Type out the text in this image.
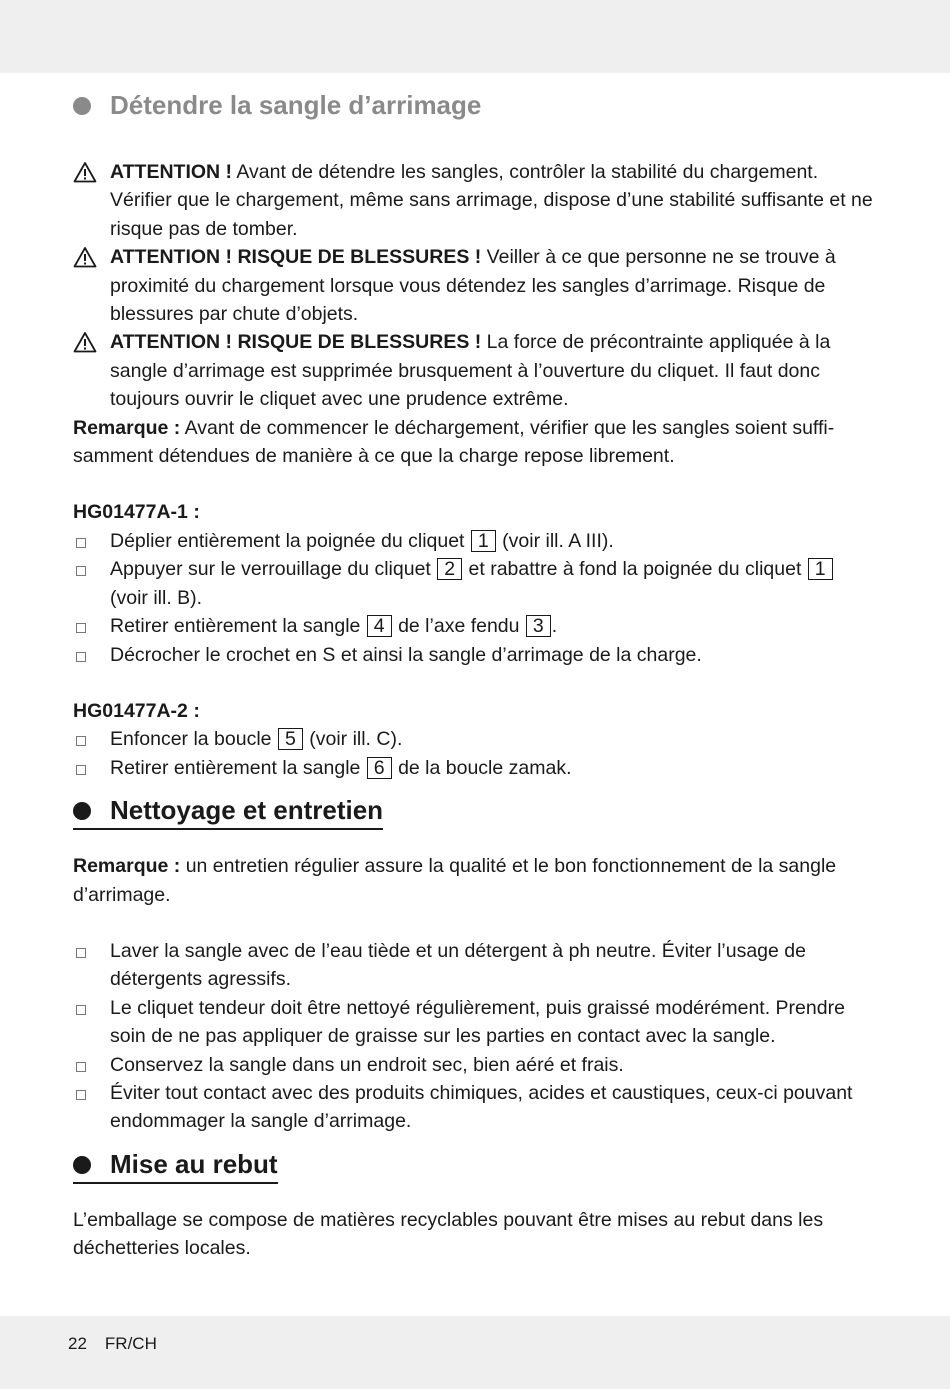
Détendre la sangle d’arrimage
ATTENTION ! Avant de détendre les sangles, contrôler la stabilité du chargement. Vérifier que le chargement, même sans arrimage, dispose d’une stabilité suffisante et ne risque pas de tomber.
ATTENTION ! RISQUE DE BLESSURES ! Veiller à ce que personne ne se trouve à proximité du chargement lorsque vous détendez les sangles d’arrimage. Risque de blessures par chute d’objets.
ATTENTION ! RISQUE DE BLESSURES ! La force de précontrainte appliquée à la sangle d’arrimage est supprimée brusquement à l’ouverture du cliquet. Il faut donc toujours ouvrir le cliquet avec une prudence extrême.
Remarque : Avant de commencer le déchargement, vérifier que les sangles soient suffi-samment détendues de manière à ce que la charge repose librement.
HG01477A-1 :
Déplier entièrement la poignée du cliquet 1 (voir ill. A III).
Appuyer sur le verrouillage du cliquet 2 et rabattre à fond la poignée du cliquet 1 (voir ill. B).
Retirer entièrement la sangle 4 de l’axe fendu 3 .
Décrocher le crochet en S et ainsi la sangle d’arrimage de la charge.
HG01477A-2 :
Enfoncer la boucle 5 (voir ill. C).
Retirer entièrement la sangle 6 de la boucle zamak.
Nettoyage et entretien
Remarque : un entretien régulier assure la qualité et le bon fonctionnement de la sangle d’arrimage.
Laver la sangle avec de l’eau tiède et un détergent à ph neutre. Éviter l’usage de détergents agressifs.
Le cliquet tendeur doit être nettoyé régulièrement, puis graissé modérément. Prendre soin de ne pas appliquer de graisse sur les parties en contact avec la sangle.
Conservez la sangle dans un endroit sec, bien aéré et frais.
Éviter tout contact avec des produits chimiques, acides et caustiques, ceux-ci pouvant endommager la sangle d’arrimage.
Mise au rebut
L’emballage se compose de matières recyclables pouvant être mises au rebut dans les déchetteries locales.
22 FR/CH
